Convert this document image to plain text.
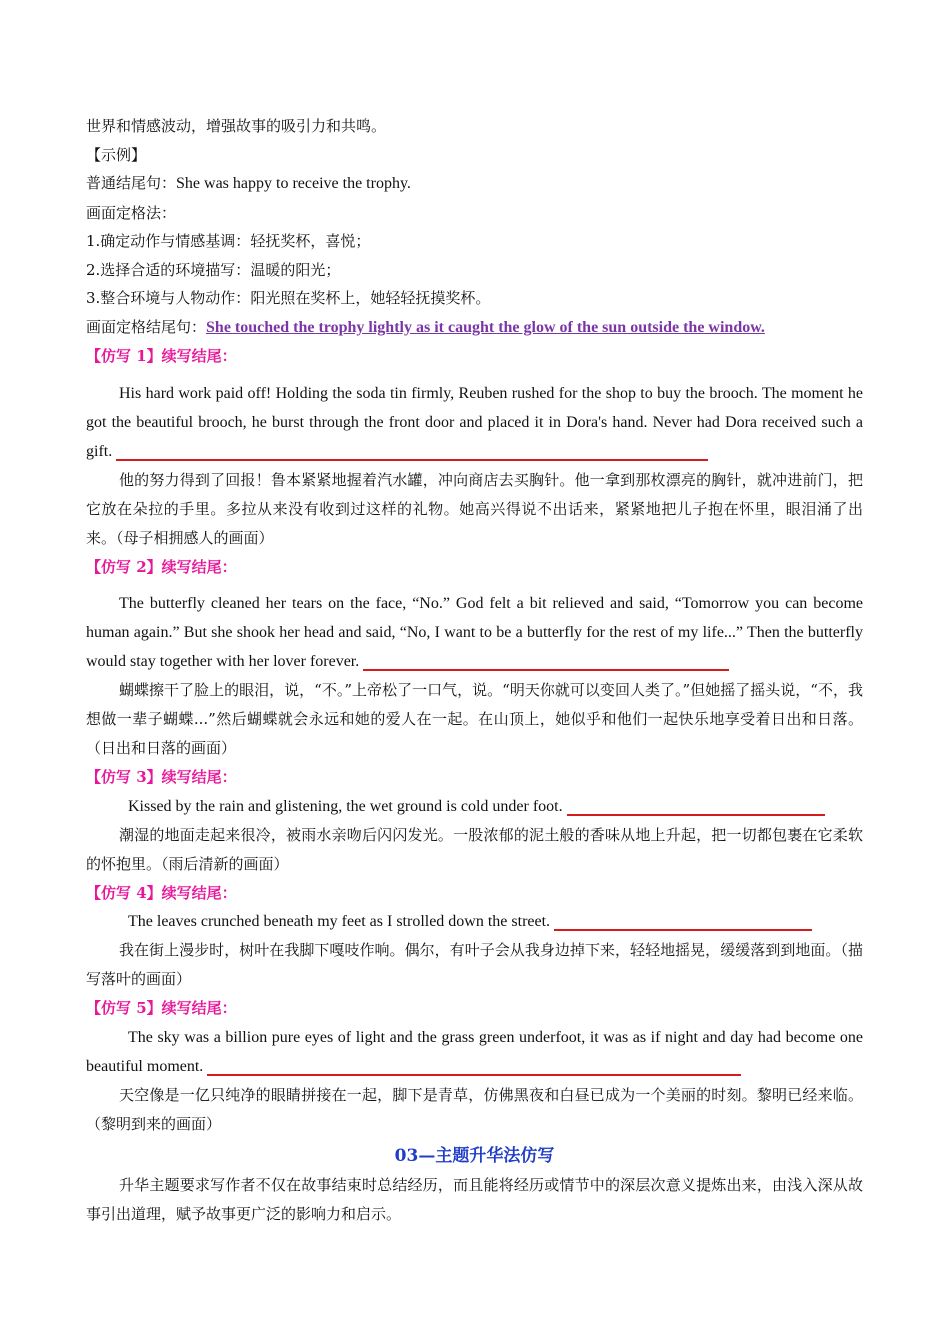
世界和情感波动，增强故事的吸引力和共鸣。
【示例】
普通结尾句：She was happy to receive the trophy.
画面定格法：
1.确定动作与情感基调：轻抚奖杯，喜悦；
2.选择合适的环境描写：温暖的阳光；
3.整合环境与人物动作：阳光照在奖杯上，她轻轻抚摸奖杯。
画面定格结尾句：She touched the trophy lightly as it caught the glow of the sun outside the window.
【仿写 1】续写结尾：
His hard work paid off! Holding the soda tin firmly, Reuben rushed for the shop to buy the brooch. The moment he got the beautiful brooch, he burst through the front door and placed it in Dora's hand. Never had Dora received such a gift.
他的努力得到了回报！鲁本紧紧地握着汽水罐，冲向商店去买胸针。他一拿到那枚漂亮的胸针，就冲进前门，把它放在朵拉的手里。多拉从来没有收到过这样的礼物。她高兴得说不出话来，紧紧地把儿子抱在怀里，眼泪涌了出来。（母子相拥感人的画面）
【仿写 2】续写结尾：
The butterfly cleaned her tears on the face, “No.” God felt a bit relieved and said, “Tomorrow you can become human again.” But she shook her head and said, “No, I want to be a butterfly for the rest of my life...” Then the butterfly would stay together with her lover forever.
蝴蝶擦干了脸上的眼泪，说，“不。”上帝松了一口气，说。“明天你就可以变回人类了。”但她摇了摇头说，“不，我想做一辈子蝴蝶...”然后蝴蝶就会永远和她的爱人在一起。在山顶上，她似乎和他们一起快乐地享受着日出和日落。（日出和日落的画面）
【仿写 3】续写结尾：
Kissed by the rain and glistening, the wet ground is cold under foot.
潮湿的地面走起来很冷，被雨水亲吻后闪闪发光。一股浓郁的泥土般的香味从地上升起，把一切都包裹在它柔软的怀抱里。（雨后清新的画面）
【仿写 4】续写结尾：
The leaves crunched beneath my feet as I strolled down the street.
我在街上漫步时，树叶在我脚下嘎吱作响。偶尔，有叶子会从我身边掉下来，轻轻地摇晃，缓缓落到到地面。（描写落叶的画面）
【仿写 5】续写结尾：
The sky was a billion pure eyes of light and the grass green underfoot, it was as if night and day had become one beautiful moment.
天空像是一亿只纯净的眼睛拼接在一起，脚下是青草，仿佛黑夜和白昼已成为一个美丽的时刻。黎明已经来临。（黎明到来的画面）
03—主题升华法仿写
升华主题要求写作者不仅在故事结束时总结经历，而且能将经历或情节中的深层次意义提炼出来，由浅入深从故事引出道理，赋予故事更广泛的影响力和启示。
